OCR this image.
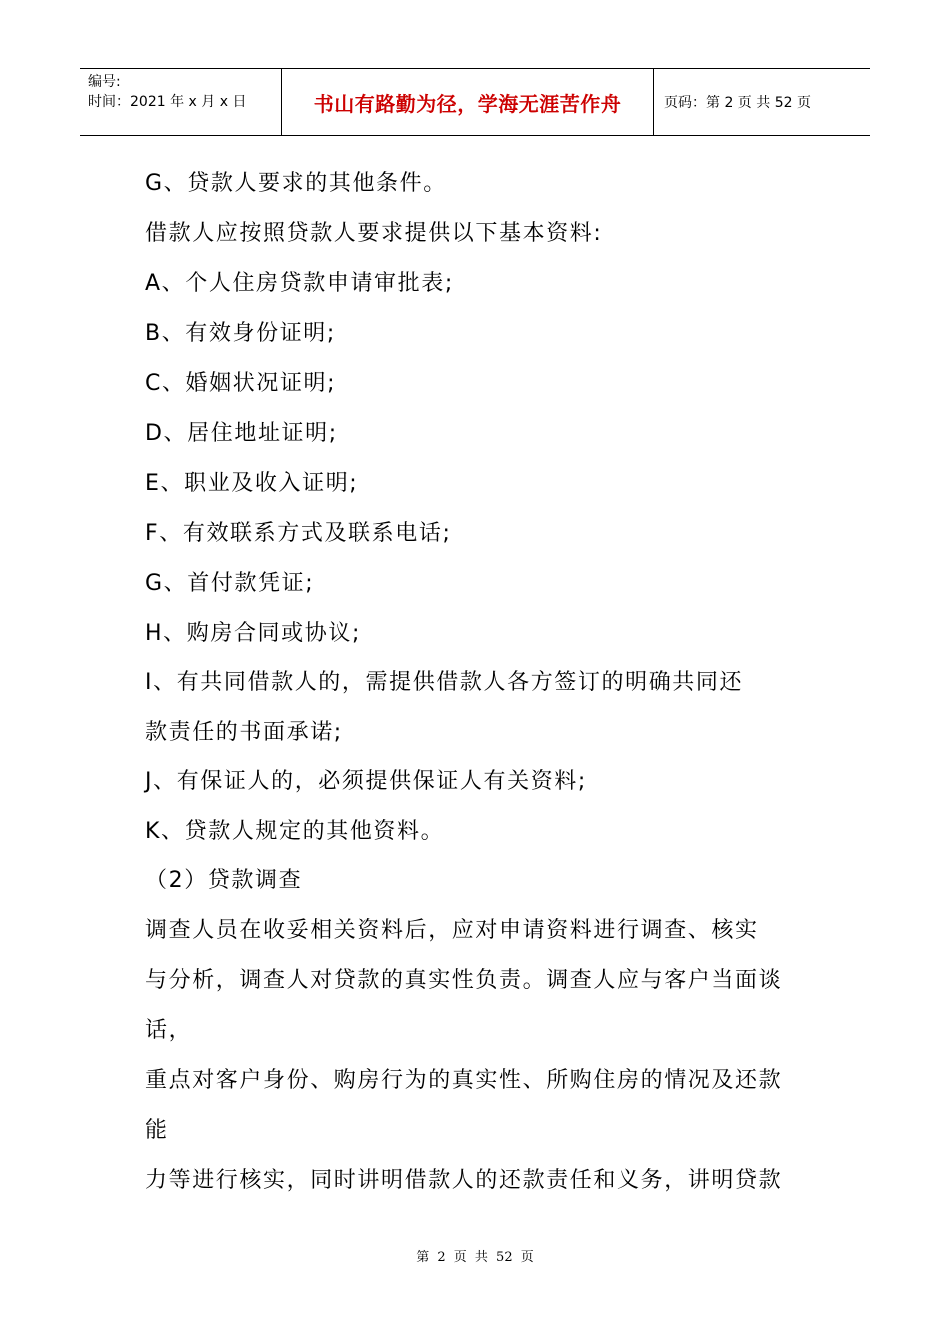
编号:
时间：2021 年 x 月 x 日	书山有路勤为径，学海无涯苦作舟	页码：第 2 页 共 52 页

G、贷款人要求的其他条件。

借款人应按照贷款人要求提供以下基本资料:

A、个人住房贷款申请审批表;

B、有效身份证明;

C、婚姻状况证明;

D、居住地址证明;

E、职业及收入证明;

F、有效联系方式及联系电话;

G、首付款凭证;

H、购房合同或协议;

I、有共同借款人的，需提供借款人各方签订的明确共同还

款责任的书面承诺;

J、有保证人的，必须提供保证人有关资料;

K、贷款人规定的其他资料。

（2）贷款调查

调查人员在收妥相关资料后，应对申请资料进行调查、核实

与分析，调查人对贷款的真实性负责。调查人应与客户当面谈

话，

重点对客户身份、购房行为的真实性、所购住房的情况及还款

能

力等进行核实，同时讲明借款人的还款责任和义务，讲明贷款

第 2 页 共 52 页
